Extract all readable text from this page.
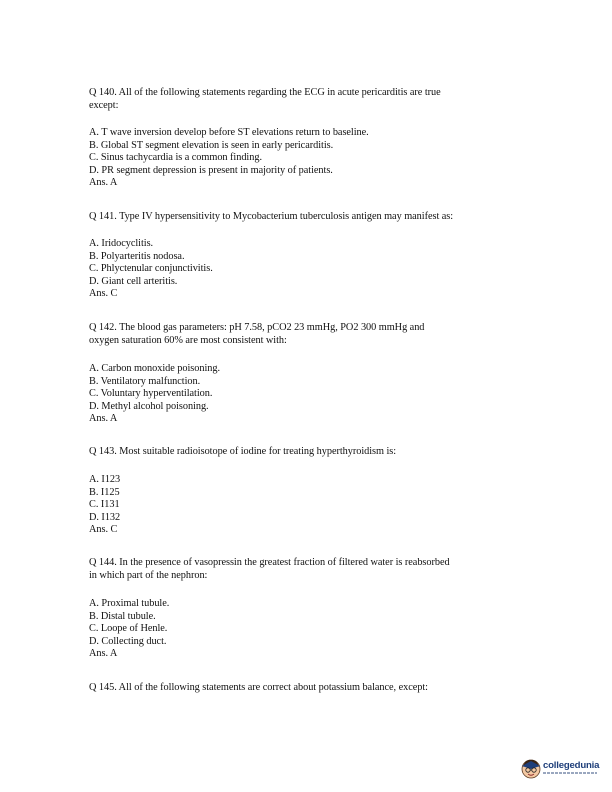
Q 140. All of the following statements regarding the ECG in acute pericarditis are true
except:
A. T wave inversion develop before ST elevations return to baseline.
B. Global ST segment elevation is seen in early pericarditis.
C. Sinus tachycardia is a common finding.
D. PR segment depression is present in majority of patients.
Ans. A
Q 141. Type IV hypersensitivity to Mycobacterium tuberculosis antigen may manifest as:
A. Iridocyclitis.
B. Polyarteritis nodosa.
C. Phlyctenular conjunctivitis.
D. Giant cell arteritis.
Ans. C
Q 142. The blood gas parameters: pH 7.58, pCO2 23 mmHg, PO2 300 mmHg and
oxygen saturation 60% are most consistent with:
A. Carbon monoxide poisoning.
B. Ventilatory malfunction.
C. Voluntary hyperventilation.
D. Methyl alcohol poisoning.
Ans. A
Q 143. Most suitable radioisotope of iodine for treating hyperthyroidism is:
A. I123
B. I125
C. I131
D. I132
Ans. C
Q 144. In the presence of vasopressin the greatest fraction of filtered water is reabsorbed
in which part of the nephron:
A. Proximal tubule.
B. Distal tubule.
C. Loope of Henle.
D. Collecting duct.
Ans. A
Q 145. All of the following statements are correct about potassium balance, except:
collegedunia
